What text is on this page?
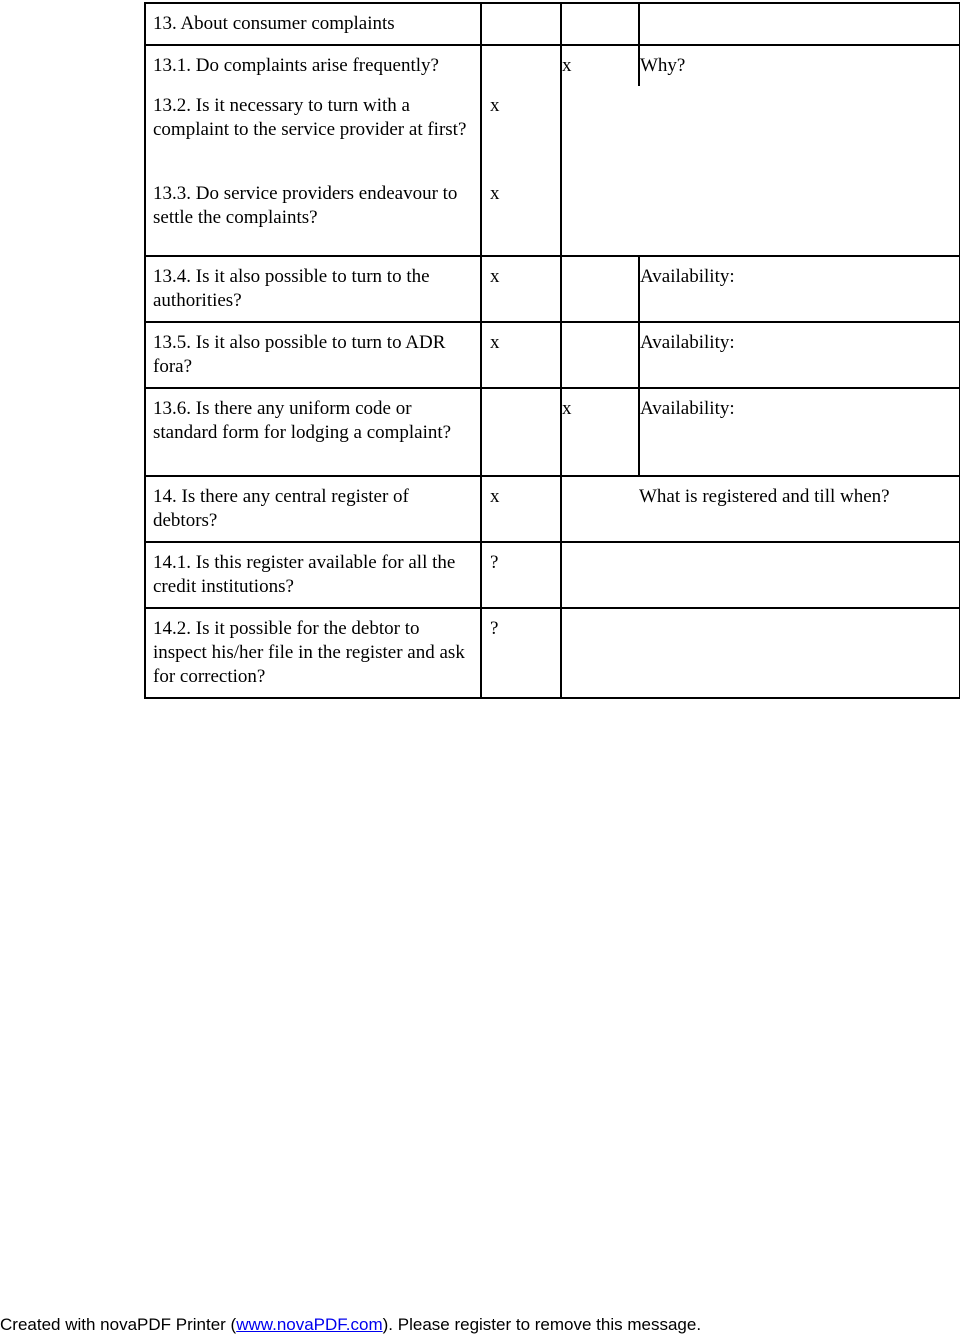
13. About consumer complaints			
13.1. Do complaints arise frequently?		x	Why?
13.2. Is it necessary to turn with a complaint to the service provider at first?	x		
13.3. Do service providers endeavour to settle the complaints?	x		
13.4. Is it also possible to turn to the authorities?	x		Availability:
13.5. Is it also possible to turn to ADR fora?	x		Availability:
13.6. Is there any uniform code or standard form for lodging a complaint?		x	Availability:
14. Is there any central register of debtors?	x		What is registered and till when?
14.1. Is this register available for all the credit institutions?	?		
14.2. Is it possible for the debtor to inspect his/her file in the register and ask for correction?	?		
Created with novaPDF Printer (www.novaPDF.com). Please register to remove this message.
